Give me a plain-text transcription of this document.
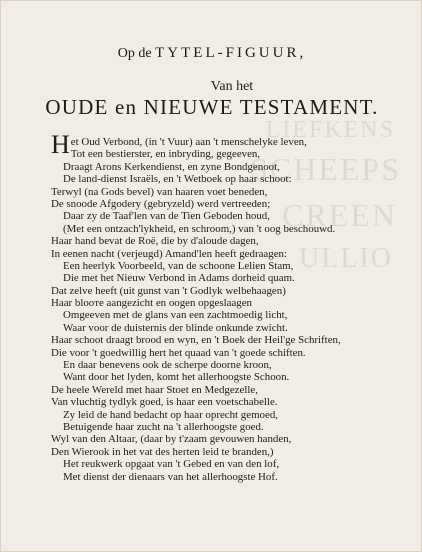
LIEFKENS
SCHEEPS
CREEN
ULLIO
Op de TYTEL-FIGUUR,
Van het
OUDE en NIEUWE TESTAMENT.
Het Oud Verbond, (in 't Vuur) aan 't menschelyke leven,
Tot een bestierster, en inbryding, gegeeven,
Draagt Arons Kerkendienst, en zyne Bondgenoot,
De land-dienst Israëls, en 't Wetboek op haar schoot:
Terwyl (na Gods bevel) van haaren voet beneden,
De snoode Afgodery (gebryzeld) werd vertreeden;
Daar zy de Taaf'len van de Tien Geboden houd,
(Met een ontzach'lykheid, en schroom,) van 't oog beschouwd.
Haar hand bevat de Roë, die by d'aloude dagen,
In eenen nacht (verjeugd) Amand'len heeft gedraagen:
Een heerlyk Voorbeeld, van de schoone Lelien Stam,
Die met het Nieuw Verbond in Adams dorheid quam.
Dat zelve heeft (uit gunst van 't Godlyk welbehaagen)
Haar blooте aangezicht en oogen opgeslaagen
Omgeeven met de glans van een zachtmoedig licht,
Waar voor de duisternis der blinde onkunde zwicht.
Haar schoot draagt brood en wyn, en 't Boek der Heil'ge Schriften,
Die voor 't goedwillig hert het quaad van 't goede schiften.
En daar benevens ook de scherpe doorne kroon,
Want door het lyden, komt het allerhoogste Schoon.
De heele Wereld met haar Stoet en Medgezelle,
Van vluchtig tydlyk goed, is haar een voetschabelle.
Zy leid de hand bedacht op haar oprecht gemoed,
Betuigende haar zucht na 't allerhoogste goed.
Wyl van den Altaar, (daar by t'zaam gevouwen handen,
Den Wierook in het vat des herten leid te branden,)
Het reukwerk opgaat van 't Gebed en van den lof,
Met dienst der dienaars van het allerhoogste Hof.
